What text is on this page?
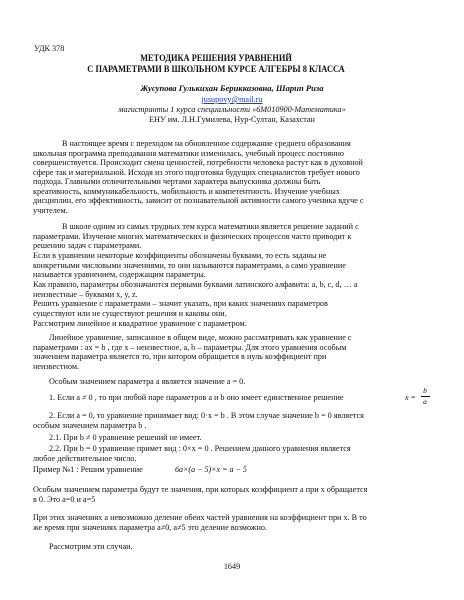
УДК 378
МЕТОДИКА РЕШЕНИЯ УРАВНЕНИЙ
С ПАРАМЕТРАМИ В ШКОЛЬНОМ КУРСЕ АЛГЕБРЫ 8 КЛАССА
Жусупова Гулькихан Берикказовна, Шарип Риза
jusupovy@mail.ru
магистранты 1 курса специальности «6М010900-Математика»
ЕНУ им. Л.Н.Гумилева, Нур-Султан, Казахстан
В настоящее время с переходом на обновленное содержание среднего образования
школьная программа преподавания математики изменилась, учебный процесс постоянно
совершенствуется. Происходит смена ценностей, потребности человека растут как в духовной
сфере так и материальной. Исходя из этого подготовка будущих специалистов требует нового
подхода. Главными отличительными чертами характера выпускника должны быть
креативность, коммуникабельность, мобильность и компетентность. Изучение учебных
дисциплин, его эффективность, зависит от познавательной активности самого ученика вдуче с
учителем.
В школе одним из самых трудных тем курса математики является решение заданий с
параметрами. Изучение многих математических и физических процессов часто приводит к
решению задач с параметрами.
Если в уравнении некоторые коэффициенты обозначены буквами, то есть заданы не
конкретными числовыми значениями, то они называются параметрами, а само уравнение
называется уравнением, содержащим параметры.
Как правило, параметры обозначаются первыми буквами латинского алфавита: a, b, c, d, … а
неизвестные – буквами x, y, z.
Решить уравнение с параметрами – значит указать, при каких значениях параметров
существуют или не существуют решения и каковы они.
Рассмотрим линейное и квадратное уравнение с параметром.
Линейное уравнение, записанное в общем виде, можно рассматривать как уравнение с
параметрами : ax = b , где x – неизвестное, a, b – параметры. Для этого уравнения особым
значением параметра является то, при котором обращается в нуль коэффициент при
неизвестном.
Особым значением параметра a является значение a = 0.
1. Если a ≠ 0 , то при любой паре параметров a и b оно имеет единственное решение	x =
b
a
2. Если a = 0, то уравнение принимает вид: 0·x = b . В этом случае значение b = 0 является
особым значением параметра b .
2.1. При b ≠ 0 уравнение решений не имеет.
2.2. При b = 0 уравнение примет вид : 0×x = 0 . Решением данного уравнения является
любое действительное число.
Пример №1 : Решим уравнение	6a×(a − 5)×x = a − 5
Особым значением параметра будут те значения, при которых коэффициент a при x обращается
в 0. Это a=0 и a=5
При этих значениях a невозможно деление обеих частей уравнения на коэффициент при x. В то
же время при значениях параметра a≠0, a≠5 это деление возможно.
Рассмотрим эти случаи.
1649
